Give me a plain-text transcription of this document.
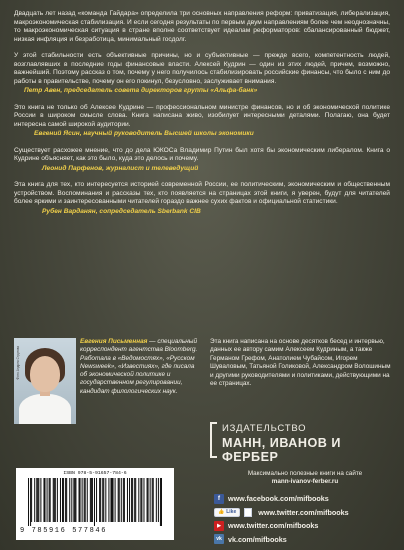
Двадцать лет назад «команда Гайдара» определила три основных направления реформ: приватизация, либерализация, макроэкономическая стабилизация. И если сегодня результаты по первым двум направлениям более чем неоднозначны, то макроэкономическая ситуация в стране вполне соответствует идеалам реформаторов: сбалансированный бюджет, низкая инфляция и безработица, минимальный госдолг.

У этой стабильности есть объективные причины, но и субъективные — прежде всего, компетентность людей, возглавлявших в последние годы финансовые власти. Алексей Кудрин — один из этих людей, причем, возможно, важнейший. Поэтому рассказ о том, почему у него получилось стабилизировать российские финансы, что было с ним до работы в правительстве, почему он его покинул, безусловно, заслуживает внимания.

Петр Авен, председатель совета директоров группы «Альфа-банк»

Это книга не только об Алексее Кудрине — профессиональном министре финансов, но и об экономической политике России в широком смысле слова. Книга написана живо, изобилует интересными деталями. Полагаю, она будет интересна самой широкой аудитории.

Евгений Ясин, научный руководитель Высшей школы экономики

Существует расхожее мнение, что до дела ЮКОСа Владимир Путин был хотя бы экономическим либералом. Книга о Кудрине объясняет, как это было, куда это делось и почему.

Леонид Парфенов, журналист и телеведущий

Эта книга для тех, кто интересуется историей современной России, ее политическим, экономическим и общественным устройством. Воспоминания и рассказы тех, кто появляется на страницах этой книги, я уверен, будут для читателей более яркими и заинтересованными читателей гораздо важнее сухих фактов и официальной статистики.

Рубен Варданян, сопредседатель Sberbank CIB

Фото Андрея Стругова
Евгения Письменная — специальный корреспондент агентства Bloomberg. Работала в «Ведомостях», «Русском Newsweek», «Известиях», где писала об экономической политике и государственном регулировании, кандидат филологических наук.
Эта книга написана на основе десятков бесед и интервью, данных ее автору самим Алексеем Кудриным, а также Германом Грефом, Анатолием Чубайсом, Игорем Шуваловым, Татьяной Голиковой, Александром Волошиным и другими руководителями и политиками, действующими на ее страницах.
ИЗДАТЕЛЬСТВО
МАНН, ИВАНОВ И ФЕРБЕР
Максимально полезные книги на сайте
mann-ivanov-ferber.ru
ISBN 978-5-91657-784-6
9 785916 577846
f	www.facebook.com/mifbooks
👍 Like	www.twitter.com/mifbooks
▶ www.twitter.com/mifbooks
vk vk.com/mifbooks
